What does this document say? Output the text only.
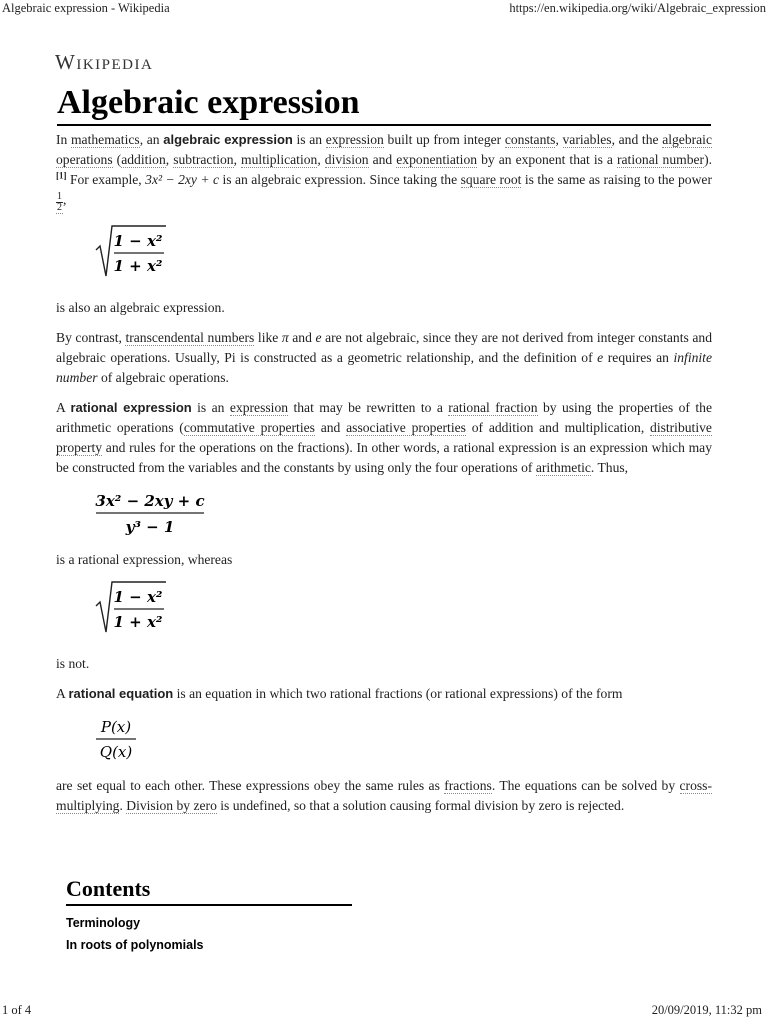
Algebraic expression - Wikipedia	https://en.wikipedia.org/wiki/Algebraic_expression
Wikipedia
Algebraic expression

In mathematics, an algebraic expression is an expression built up from integer constants, variables, and the algebraic operations (addition, subtraction, multiplication, division and exponentiation by an exponent that is a rational number).[1] For example, 3x² − 2xy + c is an algebraic expression. Since taking the square root is the same as raising to the power
$\frac{1}{2}$ ,

1 − x²
1 + x²

is also an algebraic expression.

By contrast, transcendental numbers like π and e are not algebraic, since they are not derived from integer constants and algebraic operations. Usually, Pi is constructed as a geometric relationship, and the definition of e requires an infinite number of algebraic operations.

A rational expression is an expression that may be rewritten to a rational fraction by using the properties of the arithmetic operations (commutative properties and associative properties of addition and multiplication, distributive property and rules for the operations on the fractions). In other words, a rational expression is an expression which may be constructed from the variables and the constants by using only the four operations of arithmetic. Thus,

3x² − 2xy + c
y³ − 1

is a rational expression, whereas

1 − x²
1 + x²

is not.

A rational equation is an equation in which two rational fractions (or rational expressions) of the form

P(x)
Q(x)

are set equal to each other. These expressions obey the same rules as fractions. The equations can be solved by cross-multiplying. Division by zero is undefined, so that a solution causing formal division by zero is rejected.

Contents
Terminology
In roots of polynomials
1 of 4	20/09/2019, 11:32 pm
